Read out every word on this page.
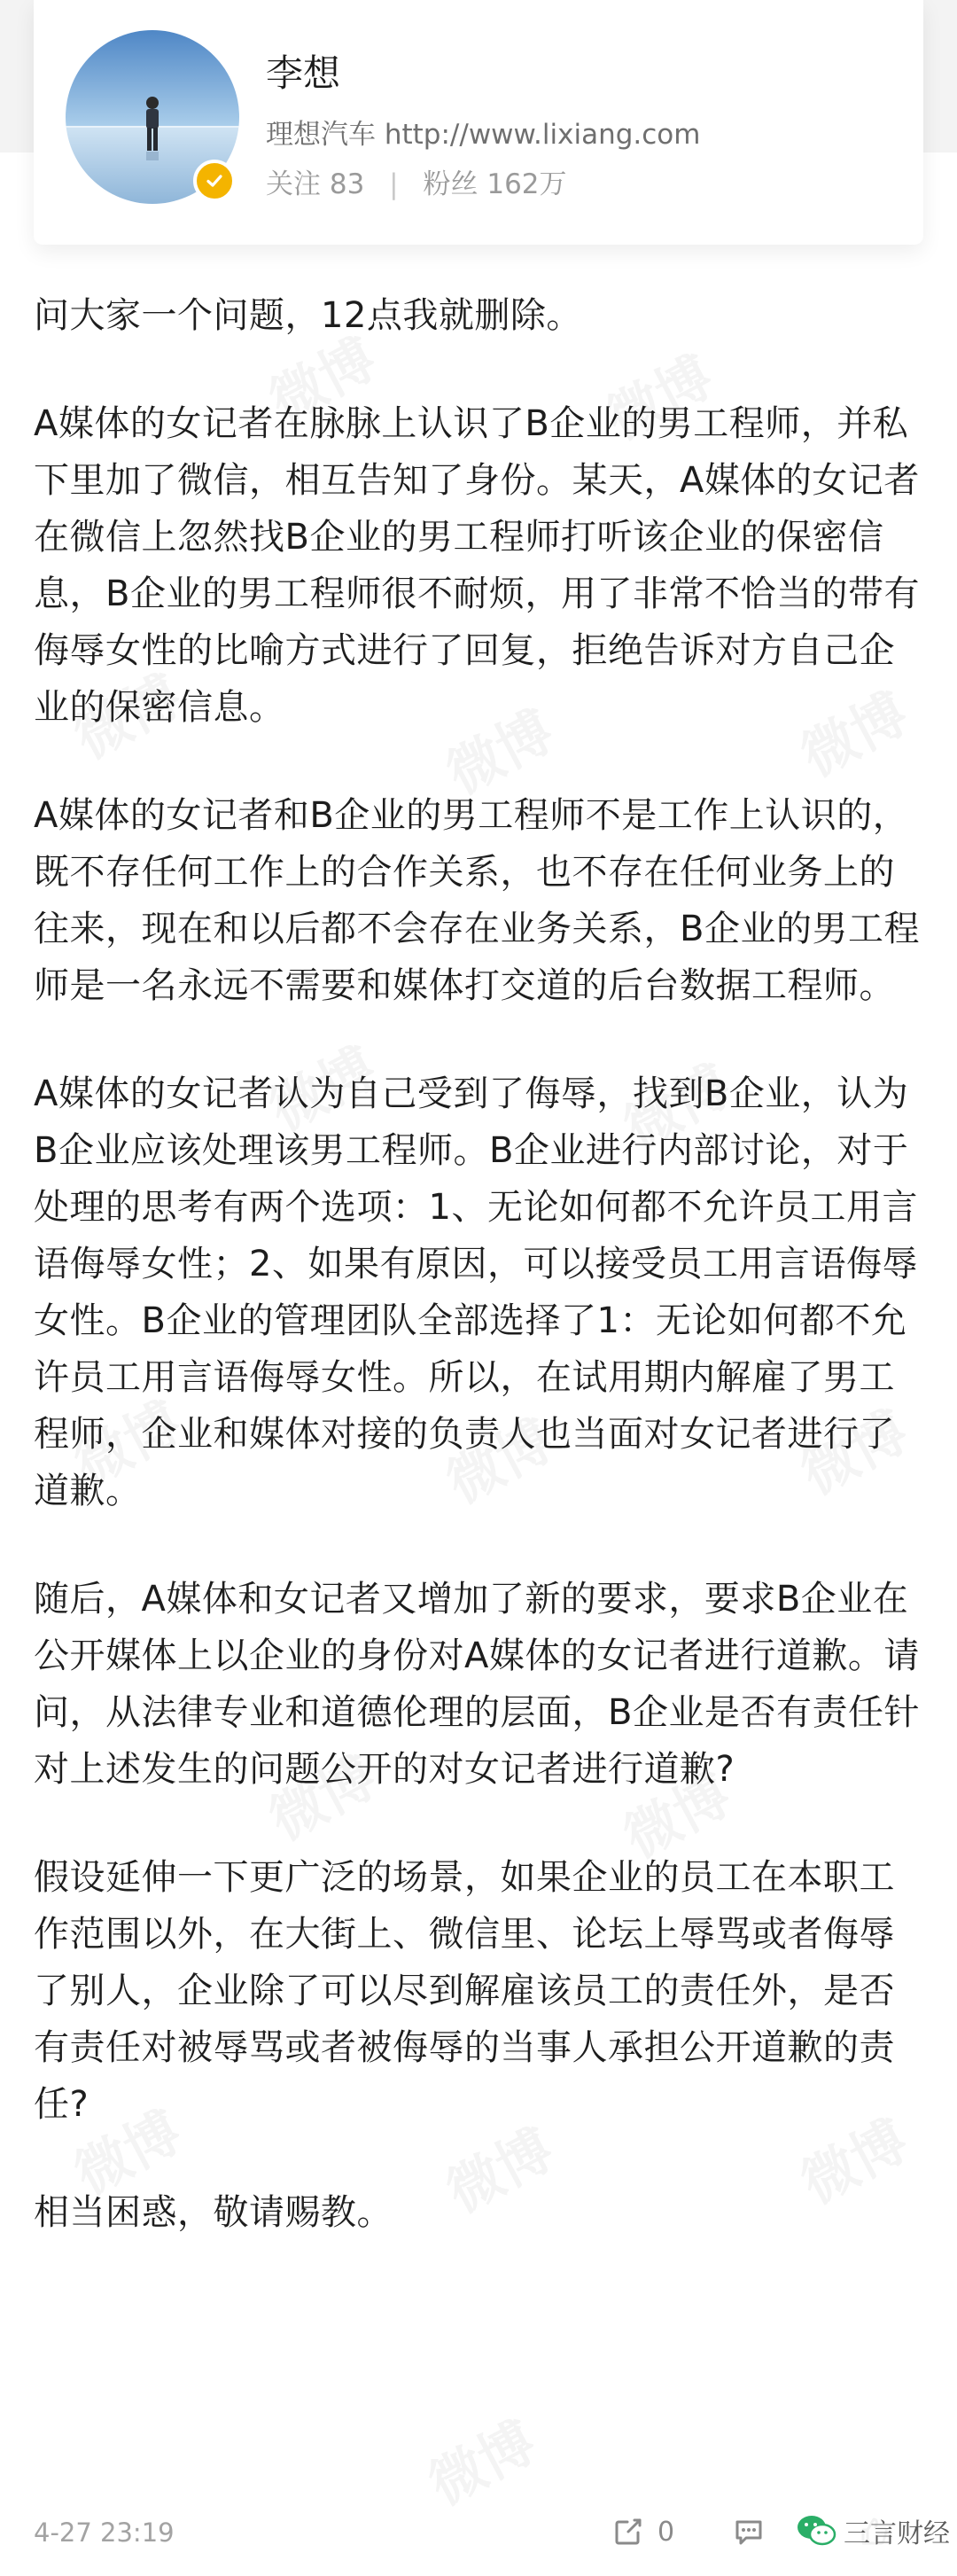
李想
理想汽车 http://www.lixiang.com
关注 83 | 粉丝 162万

问大家一个问题，12点我就删除。

A媒体的女记者在脉脉上认识了B企业的男工程师，并私下里加了微信，相互告知了身份。某天，A媒体的女记者在微信上忽然找B企业的男工程师打听该企业的保密信息，B企业的男工程师很不耐烦，用了非常不恰当的带有侮辱女性的比喻方式进行了回复，拒绝告诉对方自己企业的保密信息。

A媒体的女记者和B企业的男工程师不是工作上认识的，既不存任何工作上的合作关系，也不存在任何业务上的往来，现在和以后都不会存在业务关系，B企业的男工程师是一名永远不需要和媒体打交道的后台数据工程师。

A媒体的女记者认为自己受到了侮辱，找到B企业，认为B企业应该处理该男工程师。B企业进行内部讨论，对于处理的思考有两个选项：1、无论如何都不允许员工用言语侮辱女性；2、如果有原因，可以接受员工用言语侮辱女性。B企业的管理团队全部选择了1：无论如何都不允许员工用言语侮辱女性。所以，在试用期内解雇了男工程师，企业和媒体对接的负责人也当面对女记者进行了道歉。

随后，A媒体和女记者又增加了新的要求，要求B企业在公开媒体上以企业的身份对A媒体的女记者进行道歉。请问，从法律专业和道德伦理的层面，B企业是否有责任针对上述发生的问题公开的对女记者进行道歉?

假设延伸一下更广泛的场景，如果企业的员工在本职工作范围以外，在大街上、微信里、论坛上辱骂或者侮辱了别人，企业除了可以尽到解雇该员工的责任外，是否有责任对被辱骂或者被侮辱的当事人承担公开道歉的责任?

相当困惑，敬请赐教。

4-27 23:19	0	三言财经
